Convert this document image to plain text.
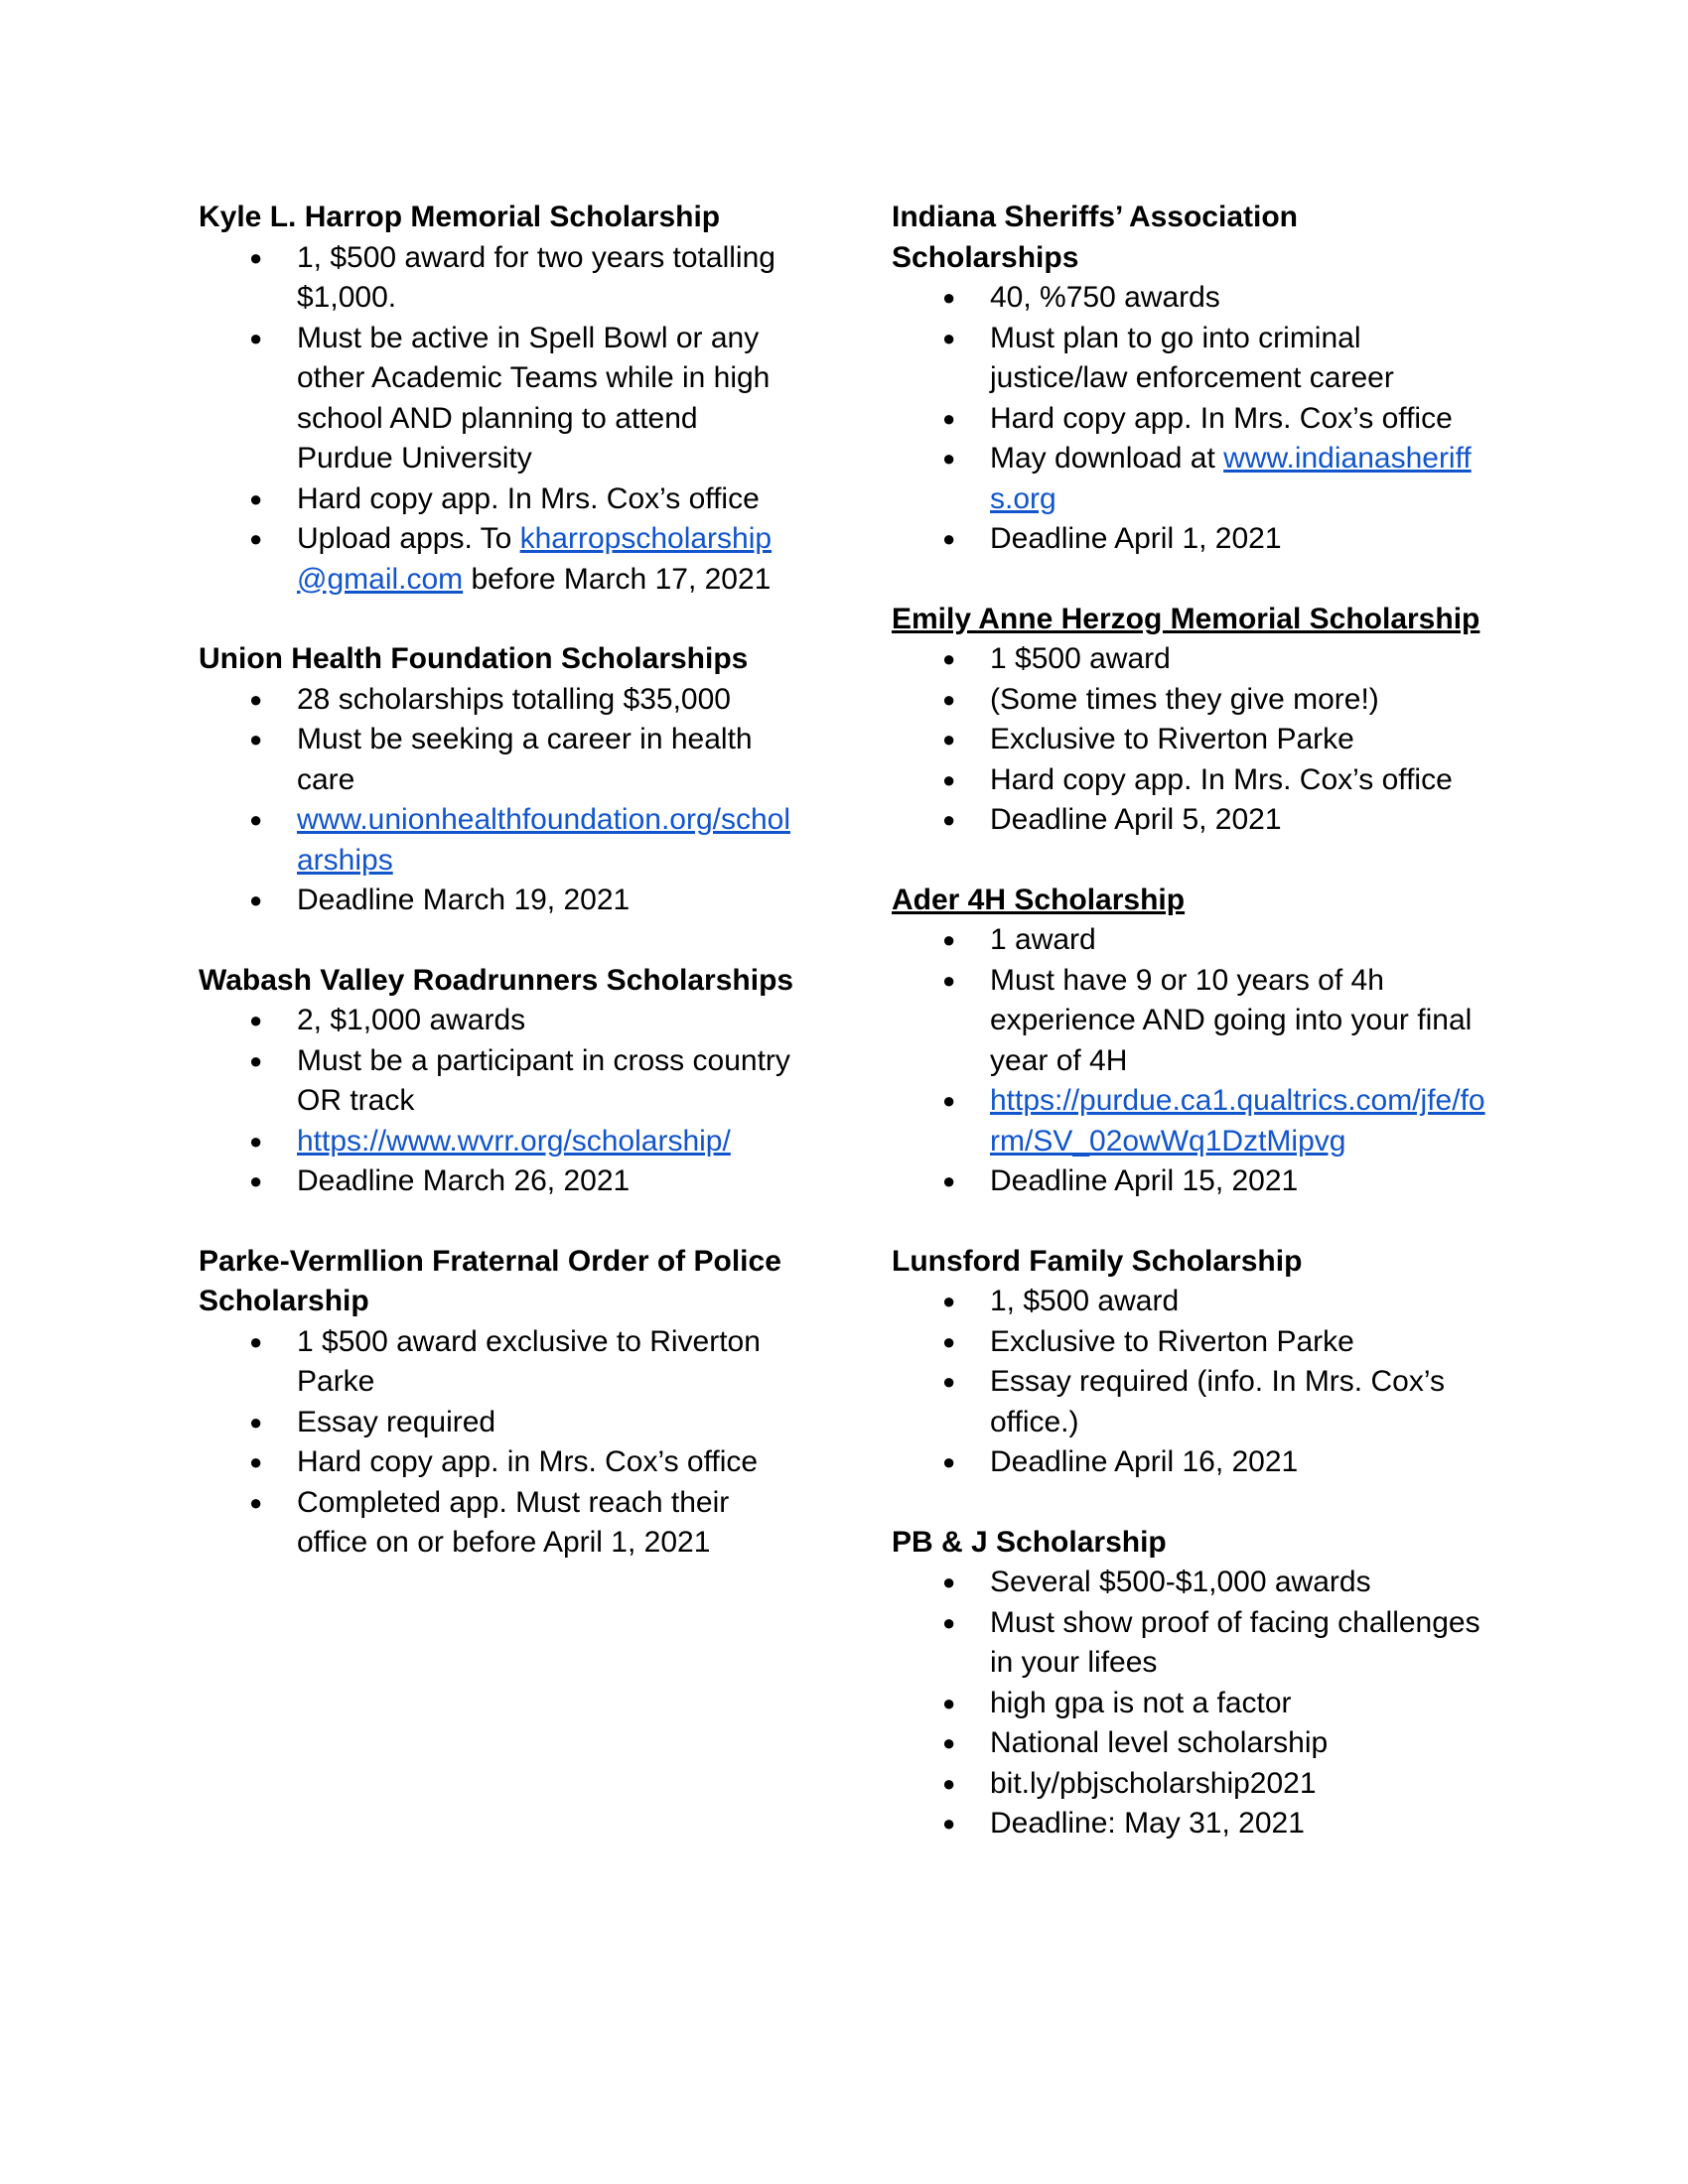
Kyle L. Harrop Memorial Scholarship
● 1, $500 award for two years totalling $1,000.
● Must be active in Spell Bowl or any other Academic Teams while in high school AND planning to attend Purdue University
● Hard copy app. In Mrs. Cox’s office
● Upload apps. To kharropscholarship@gmail.com before March 17, 2021
Union Health Foundation Scholarships
● 28 scholarships totalling $35,000
● Must be seeking a career in health care
● www.unionhealthfoundation.org/scholarships
● Deadline March 19, 2021
Wabash Valley Roadrunners Scholarships
● 2, $1,000 awards
● Must be a participant in cross country OR track
● https://www.wvrr.org/scholarship/
● Deadline March 26, 2021
Parke-Vermllion Fraternal Order of Police Scholarship
● 1 $500 award exclusive to Riverton Parke
● Essay required
● Hard copy app. in Mrs. Cox’s office
● Completed app. Must reach their office on or before April 1, 2021
Indiana Sheriffs’ Association Scholarships
● 40, %750 awards
● Must plan to go into criminal justice/law enforcement career
● Hard copy app. In Mrs. Cox’s office
● May download at www.indianasheriffs.org
● Deadline April 1, 2021
Emily Anne Herzog Memorial Scholarship
● 1 $500 award
● (Some times they give more!)
● Exclusive to Riverton Parke
● Hard copy app. In Mrs. Cox’s office
● Deadline April 5, 2021
Ader 4H Scholarship
● 1 award
● Must have 9 or 10 years of 4h experience AND going into your final year of 4H
● https://purdue.ca1.qualtrics.com/jfe/form/SV_02owWq1DztMipvg
● Deadline April 15, 2021
Lunsford Family Scholarship
● 1, $500 award
● Exclusive to Riverton Parke
● Essay required (info. In Mrs. Cox’s office.)
● Deadline April 16, 2021
PB & J Scholarship
● Several $500-$1,000 awards
● Must show proof of facing challenges in your lifees
● high gpa is not a factor
● National level scholarship
● bit.ly/pbjscholarship2021
● Deadline: May 31, 2021
